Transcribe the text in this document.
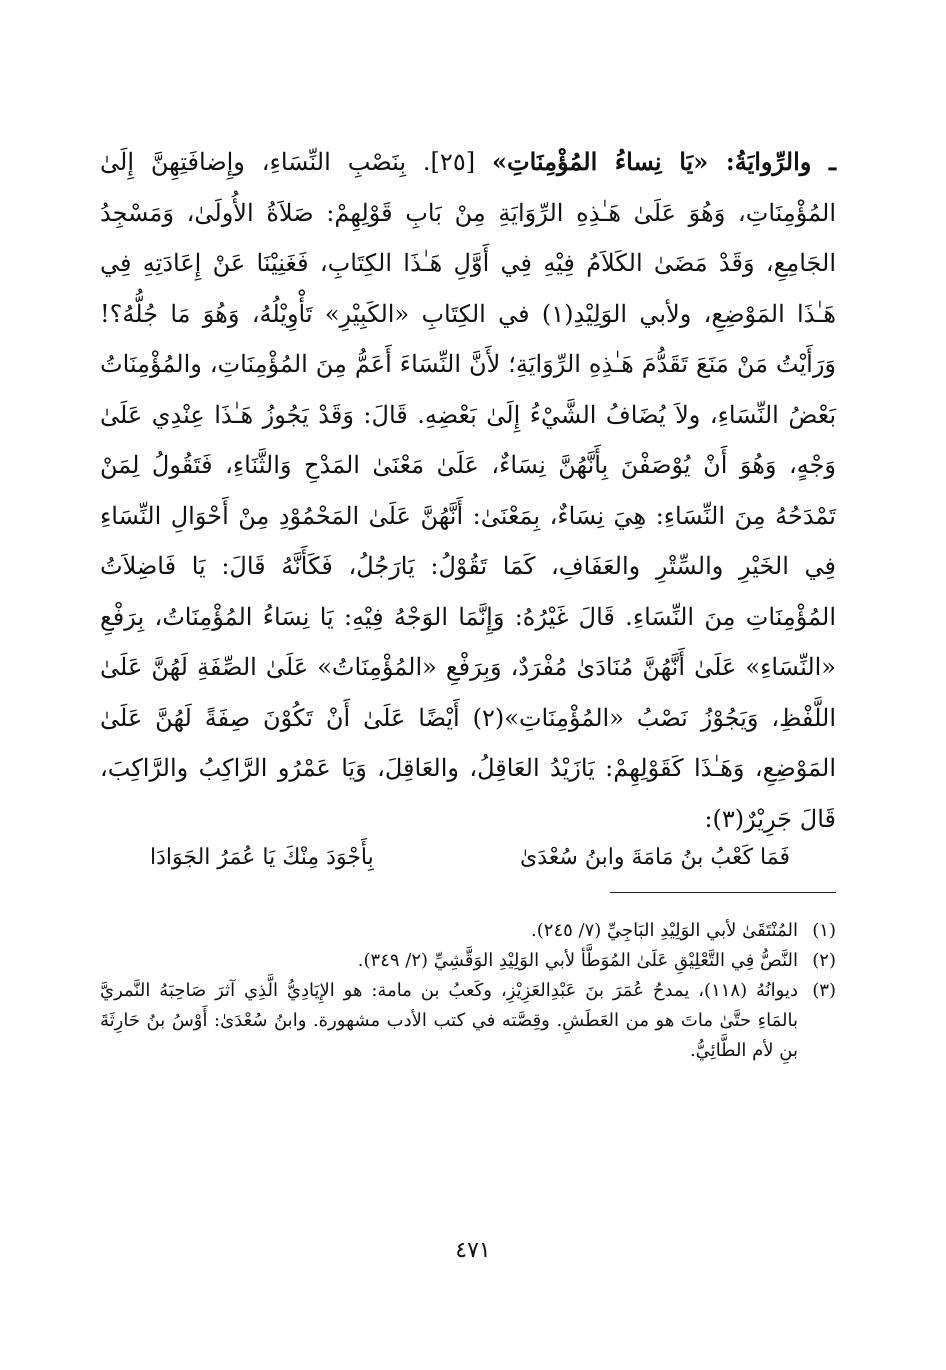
ـ والرِّوايَةُ: «يَا نِساءُ المُؤْمِنَاتِ» [٢٥]. بِنَصْبِ النِّسَاءِ، وإِضافَتِهِنَّ إِلَىٰ المُؤْمِنَاتِ، وَهُوَ عَلَىٰ هَـٰذِهِ الرِّوَايَةِ مِنْ بَابِ قَوْلِهِمْ: صَلاَةُ الأُولَىٰ، وَمَسْجِدُ الجَامِعِ، وَقَدْ مَضَىٰ الكَلاَمُ فِيْهِ فِي أَوَّلِ هَـٰذَا الكِتَابِ، فَغَنِيْنَا عَنْ إِعَادَتِهِ فِي هَـٰذَا المَوْضِعِ، ولأبي الوَلِيْدِ(١) في الكِتَابِ «الكَبِيْرِ» تَأْوِيْلُهُ، وَهُوَ مَا جُلُّهُ؟! وَرَأَيْتُ مَنْ مَنَعَ تَقَدُّمَ هَـٰذِهِ الرِّوَايَةِ؛ لأَنَّ النِّسَاءَ أَعَمُّ مِنَ المُؤْمِنَاتِ، والمُؤْمِنَاتُ بَعْضُ النِّسَاءِ، ولاَ يُضَافُ الشَّيْءُ إِلَىٰ بَعْضِهِ. قَالَ: وَقَدْ يَجُوزُ هَـٰذَا عِنْدِي عَلَىٰ وَجْهٍ، وَهُوَ أَنْ يُوْصَفْنَ بِأَنَّهُنَّ نِسَاءٌ، عَلَىٰ مَعْنَىٰ المَدْحِ وَالثَّنَاءِ، فَتَقُولُ لِمَنْ تَمْدَحُهُ مِنَ النِّسَاءِ: هِيَ نِسَاءٌ، بِمَعْنَىٰ: أَنَّهُنَّ عَلَىٰ المَحْمُوْدِ مِنْ أَحْوَالِ النِّسَاءِ فِي الخَيْرِ والسِّتْرِ والعَفَافِ، كَمَا تَقُوْلُ: يَارَجُلُ، فَكَأَنَّهُ قَالَ: يَا فَاضِلاَتُ المُؤْمِنَاتِ مِنَ النِّسَاءِ. قَالَ غَيْرُهُ: وَإِنَّمَا الوَجْهُ فِيْهِ: يَا نِسَاءُ المُؤْمِنَاتُ، بِرَفْعِ «النِّسَاءِ» عَلَىٰ أَنَّهُنَّ مُنَادَىٰ مُفْرَدٌ، وَبِرَفْعِ «المُؤْمِنَاتُ» عَلَىٰ الصِّفَةِ لَهُنَّ عَلَىٰ اللَّفْظِ، وَيَجُوْزُ نَصْبُ «المُؤْمِنَاتِ»(٢) أَيْضًا عَلَىٰ أَنْ تَكُوْنَ صِفَةً لَهُنَّ عَلَىٰ المَوْضِعِ، وَهَـٰذَا كَقَوْلِهِمْ: يَازَيْدُ العَاقِلُ، والعَاقِلَ، وَيَا عَمْرُو الرَّاكِبُ والرَّاكِبَ، قَالَ جَرِيْرٌ(٣):
فَمَا كَعْبُ بنُ مَامَةَ وابنُ سُعْدَىٰ
بِأَجْوَدَ مِنْكَ يَا عُمَرُ الجَوَادَا
(١)
المُنْتَقَىٰ لأبي الوَلِيْدِ البَاجِيِّ (٧/ ٢٤٥).
(٢)
النَّصُّ فِي التَّعْلِيْقِ عَلَىٰ المُوَطَّأ لأبي الوَلِيْدِ الوَقَّشِيِّ (٢/ ٣٤٩).
(٣)
ديوانُهُ (١١٨)، يمدحُ عُمَرَ بنَ عَبْدِالعَزِيْزِ، وكَعبُ بن مامة: هو الإِيَادِيُّ الَّذِي آثرَ صَاحِبَهُ النَّمريَّ بالمَاءِ حتَّىٰ ماتَ هو من العَطَشِ. وقِصَّته في كتب الأدب مشهورة. وابنُ سُعْدَىٰ: أَوْسُ بنُ حَارِثَةَ بنِ لأم الطَّائِيُّ.
٤٧١
